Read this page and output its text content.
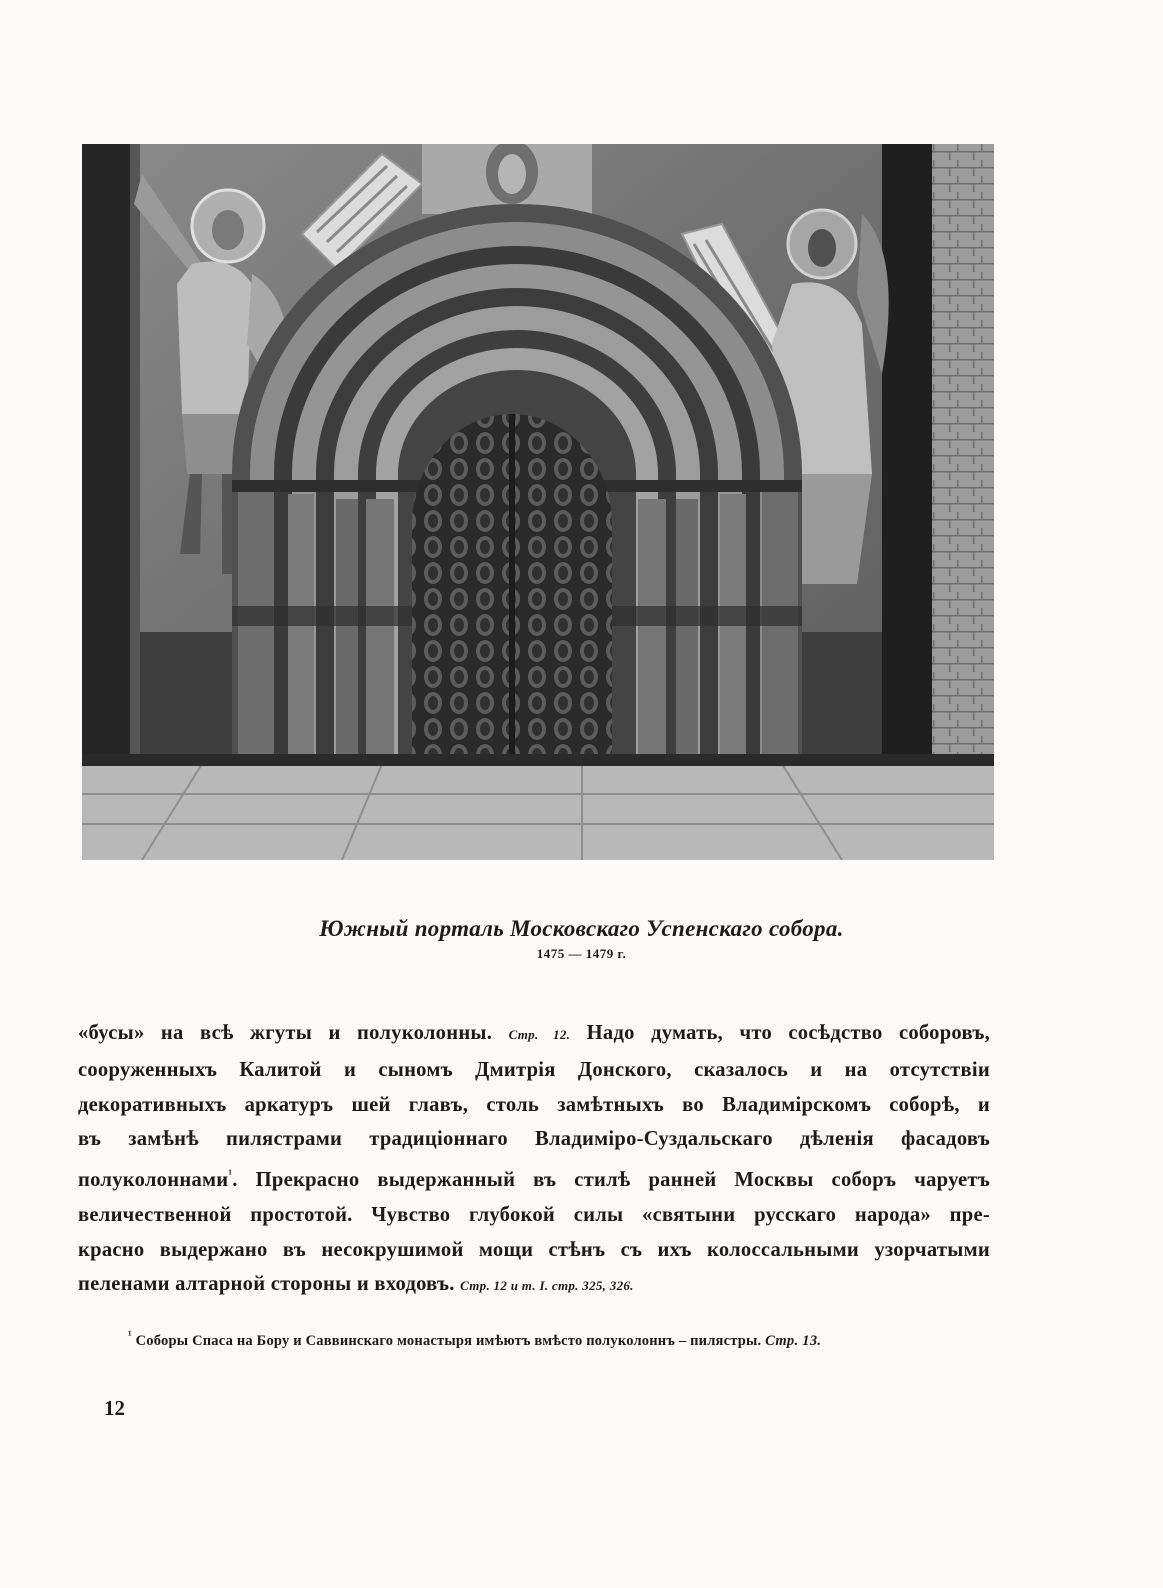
Южный порталь Московскаго Успенскаго собора.
1475 — 1479 г.
«бусы» на всѣ жгуты и полуколонны. Стр. 12. Надо думать, что сосѣдство соборовъ,
сооруженныхъ Калитой и сыномъ Дмитрія Донского, сказалось и на отсутствіи
декоративныхъ аркатуръ шей главъ, столь замѣтныхъ во Владимірскомъ соборѣ, и
въ замѣнѣ пилястрами традиціоннаго Владиміро-Суздальскаго дѣленія фасадовъ
полуколоннами$^{^1}$. Прекрасно выдержанный въ стилѣ ранней Москвы соборъ чаруетъ
величественной простотой. Чувство глубокой силы «святыни русскаго народа» пре-
красно выдержано въ несокрушимой мощи стѣнъ съ ихъ колоссальными узорчатыми
пеленами алтарной стороны и входовъ. Стр. 12 и т. I. стр. 325, 326.
$^{^1}$ Соборы Спаса на Бору и Саввинскаго монастыря имѣютъ вмѣсто полуколоннъ – пилястры. Стр. 13.
12
